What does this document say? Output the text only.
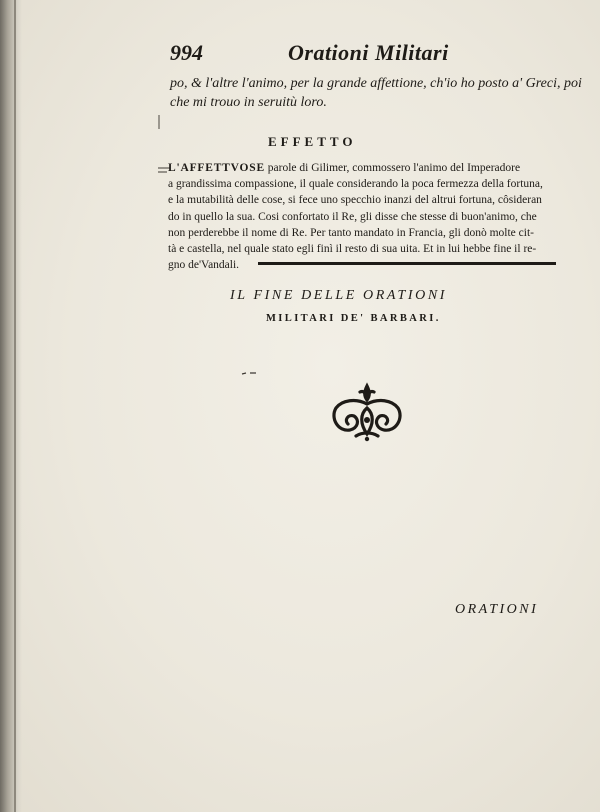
994	Orationi Militari
po, & l'altre l'animo, per la grande affettione, ch'io ho posto a' Greci, poi
che mi trouo in seruitù loro.
EFFETTO
L'AFFETTVOSE parole di Gilimer, commossero l'animo del Imperadore
a grandissima compassione, il quale considerando la poca fermezza della fortuna,
e la mutabilità delle cose, si fece uno specchio inanzi del altrui fortuna, côsideran
do in quello la sua. Cosi confortato il Re, gli disse che stesse di buon'animo, che
non perderebbe il nome di Re. Per tanto mandato in Francia, gli donò molte cit-
tà e castella, nel quale stato egli finì il resto di sua uita. Et in lui hebbe fine il re-
gno de'Vandali.
IL FINE DELLE ORATIONI
MILITARI DE' BARBARI.
ORATIONI
